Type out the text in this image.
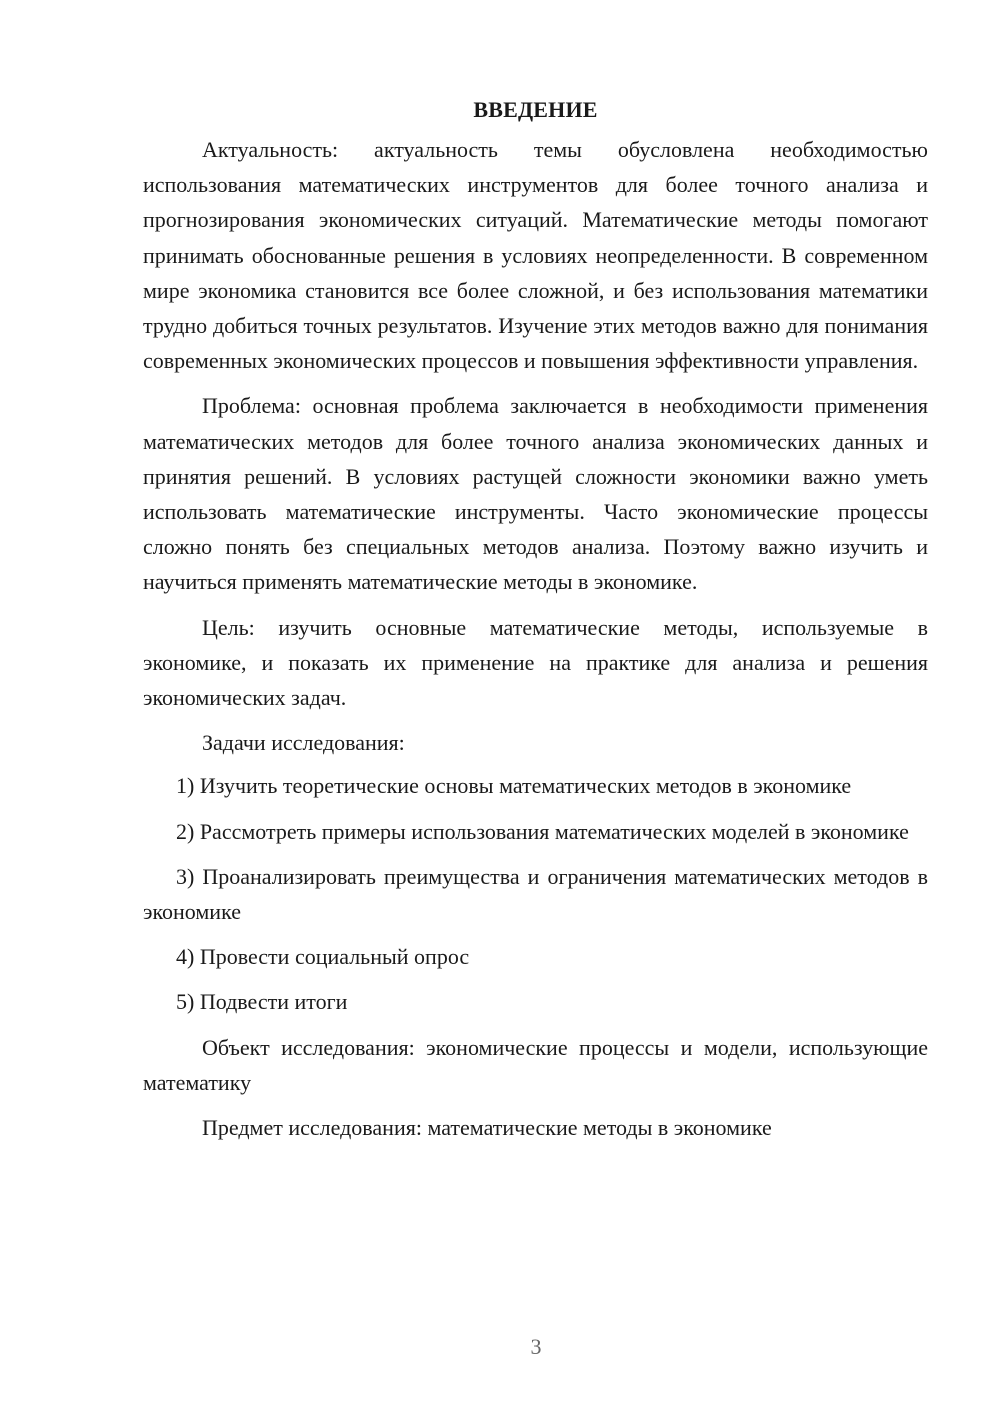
ВВЕДЕНИЕ

Актуальность: актуальность темы обусловлена необходимостью использования математических инструментов для более точного анализа и прогнозирования экономических ситуаций. Математические методы помогают принимать обоснованные решения в условиях неопределенности. В современном мире экономика становится все более сложной, и без использования математики трудно добиться точных результатов. Изучение этих методов важно для понимания современных экономических процессов и повышения эффективности управления.

Проблема: основная проблема заключается в необходимости применения математических методов для более точного анализа экономических данных и принятия решений. В условиях растущей сложности экономики важно уметь использовать математические инструменты. Часто экономические процессы сложно понять без специальных методов анализа. Поэтому важно изучить и научиться применять математические методы в экономике.

Цель: изучить основные математические методы, используемые в экономике, и показать их применение на практике для анализа и решения экономических задач.

Задачи исследования:

1) Изучить теоретические основы математических методов в экономике

2) Рассмотреть примеры использования математических моделей в экономике

3) Проанализировать преимущества и ограничения математических методов в экономике

4) Провести социальный опрос

5) Подвести итоги

Объект исследования: экономические процессы и модели, использующие математику

Предмет исследования: математические методы в экономике

3
